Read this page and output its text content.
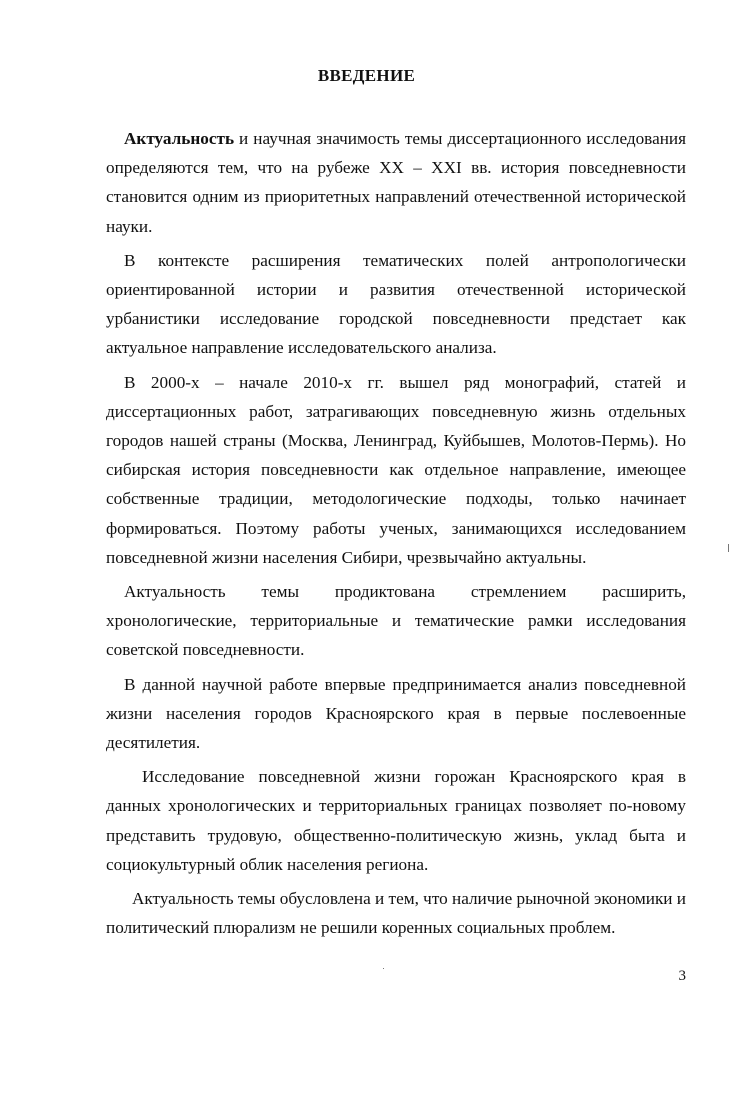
ВВЕДЕНИЕ

Актуальность и научная значимость темы диссертационного исследования определяются тем, что на рубеже XX – XXI вв. история повседневности становится одним из приоритетных направлений отечественной исторической науки.

В контексте расширения тематических полей антропологически ориентированной истории и развития отечественной исторической урбанистики исследование городской повседневности предстает как актуальное направление исследовательского анализа.

В 2000-х – начале 2010-х гг. вышел ряд монографий, статей и диссертационных работ, затрагивающих повседневную жизнь отдельных городов нашей страны (Москва, Ленинград, Куйбышев, Молотов-Пермь). Но сибирская история повседневности как отдельное направление, имеющее собственные традиции, методологические подходы, только начинает формироваться. Поэтому работы ученых, занимающихся исследованием повседневной жизни населения Сибири, чрезвычайно актуальны.

Актуальность темы продиктована стремлением расширить, хронологические, территориальные и тематические рамки исследования советской повседневности.

В данной научной работе впервые предпринимается анализ повседневной жизни населения городов Красноярского края в первые послевоенные десятилетия.

Исследование повседневной жизни горожан Красноярского края в данных хронологических и территориальных границах позволяет по-новому представить трудовую, общественно-политическую жизнь, уклад быта и социокультурный облик населения региона.

Актуальность темы обусловлена и тем, что наличие рыночной экономики и политический плюрализм не решили коренных социальных проблем.

3
